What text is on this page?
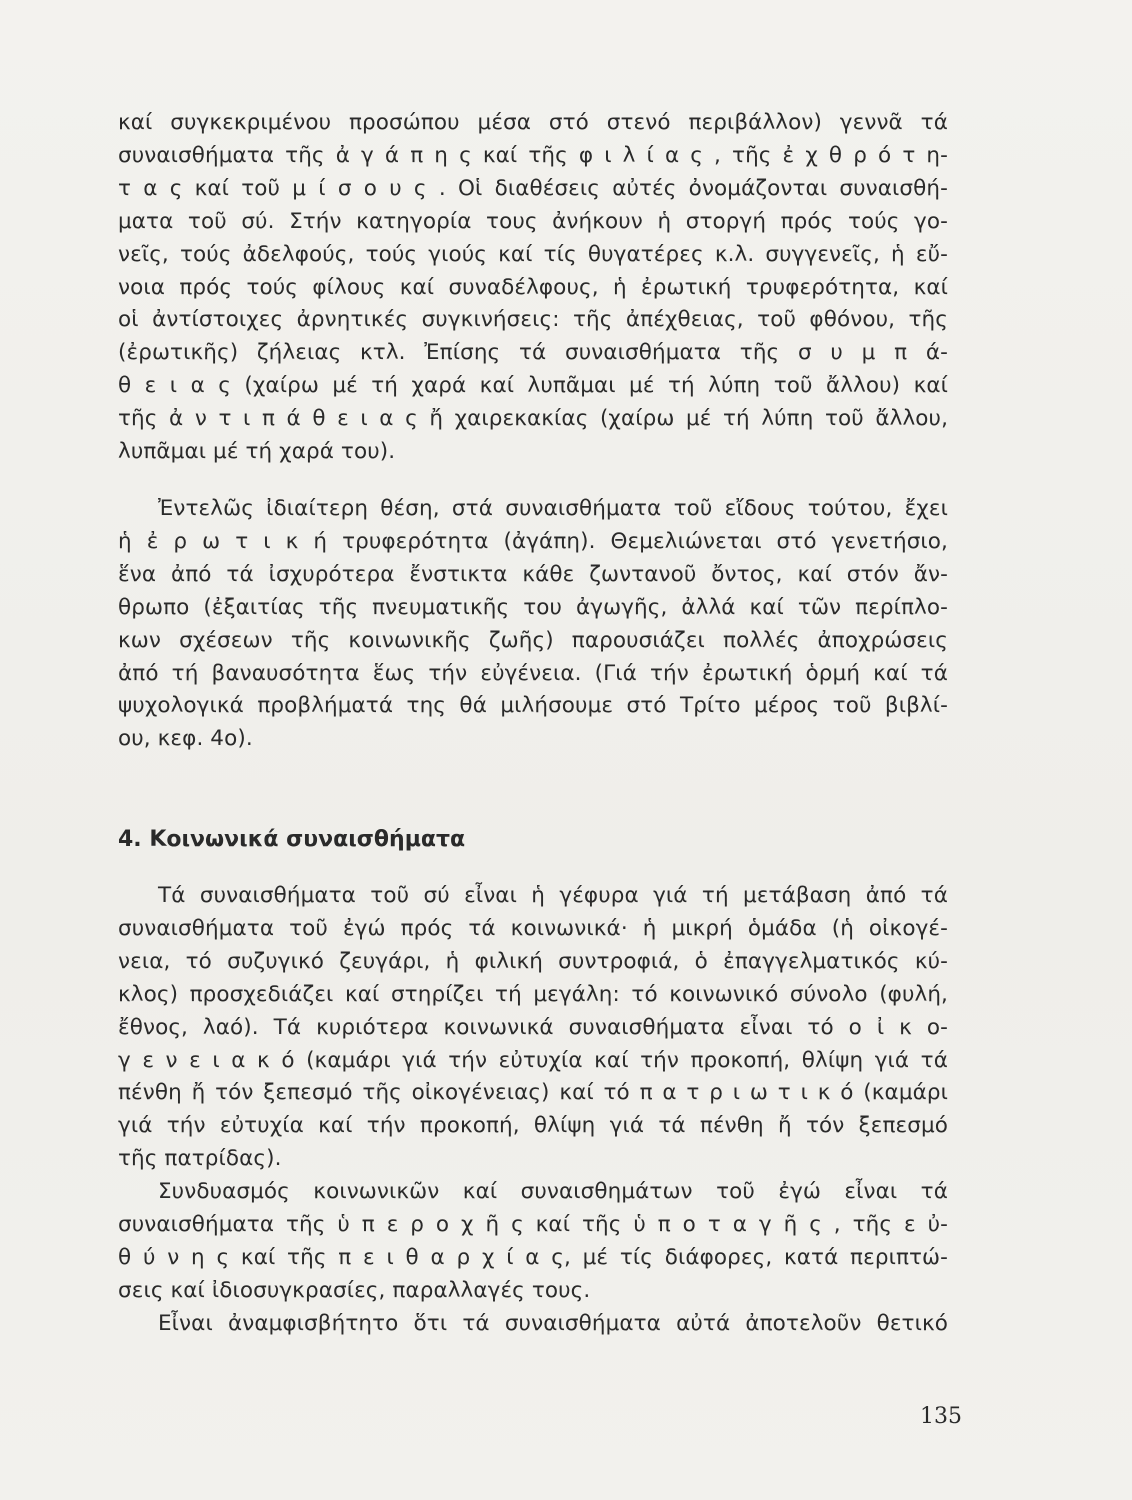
καί συγκεκριμένου προσώπου μέσα στό στενό περιβάλλον) γεννᾶ τά
συναισθήματα τῆς ἀ γ ά π η ς καί τῆς φ ι λ ί α ς , τῆς ἐ χ θ ρ ό τ η-
τ α ς καί τοῦ μ ί σ ο υ ς . Οἱ διαθέσεις αὐτές ὀνομάζονται συναισθή-
ματα τοῦ σύ. Στήν κατηγορία τους ἀνήκουν ἡ στοργή πρός τούς γο-
νεῖς, τούς ἀδελφούς, τούς γιούς καί τίς θυγατέρες κ.λ. συγγενεῖς, ἡ εὔ-
νοια πρός τούς φίλους καί συναδέλφους, ἡ ἐρωτική τρυφερότητα, καί
οἱ ἀντίστοιχες ἀρνητικές συγκινήσεις: τῆς ἀπέχθειας, τοῦ φθόνου, τῆς
(ἐρωτικῆς) ζήλειας κτλ. Ἐπίσης τά συναισθήματα τῆς σ υ μ π ά-
θ ε ι α ς (χαίρω μέ τή χαρά καί λυπᾶμαι μέ τή λύπη τοῦ ἄλλου) καί
τῆς ἀ ν τ ι π ά θ ε ι α ς ἤ χαιρεκακίας (χαίρω μέ τή λύπη τοῦ ἄλλου,
λυπᾶμαι μέ τή χαρά του).
Ἐντελῶς ἰδιαίτερη θέση, στά συναισθήματα τοῦ εἴδους τούτου, ἔχει
ἡ ἐ ρ ω τ ι κ ή τρυφερότητα (ἀγάπη). Θεμελιώνεται στό γενετήσιο,
ἕνα ἀπό τά ἰσχυρότερα ἔνστικτα κάθε ζωντανοῦ ὄντος, καί στόν ἄν-
θρωπο (ἐξαιτίας τῆς πνευματικῆς του ἀγωγῆς, ἀλλά καί τῶν περίπλο-
κων σχέσεων τῆς κοινωνικῆς ζωῆς) παρουσιάζει πολλές ἀποχρώσεις
ἀπό τή βαναυσότητα ἕως τήν εὐγένεια. (Γιά τήν ἐρωτική ὁρμή καί τά
ψυχολογικά προβλήματά της θά μιλήσουμε στό Τρίτο μέρος τοῦ βιβλί-
ου, κεφ. 4ο).
4. Κοινωνικά συναισθήματα
Τά συναισθήματα τοῦ σύ εἶναι ἡ γέφυρα γιά τή μετάβαση ἀπό τά
συναισθήματα τοῦ ἐγώ πρός τά κοινωνικά· ἡ μικρή ὁμάδα (ἡ οἰκογέ-
νεια, τό συζυγικό ζευγάρι, ἡ φιλική συντροφιά, ὁ ἐπαγγελματικός κύ-
κλος) προσχεδιάζει καί στηρίζει τή μεγάλη: τό κοινωνικό σύνολο (φυλή,
ἔθνος, λαό). Τά κυριότερα κοινωνικά συναισθήματα εἶναι τό ο ἰ κ ο-
γ ε ν ε ι α κ ό (καμάρι γιά τήν εὐτυχία καί τήν προκοπή, θλίψη γιά τά
πένθη ἤ τόν ξεπεσμό τῆς οἰκογένειας) καί τό π α τ ρ ι ω τ ι κ ό (καμάρι
γιά τήν εὐτυχία καί τήν προκοπή, θλίψη γιά τά πένθη ἤ τόν ξεπεσμό
τῆς πατρίδας).
Συνδυασμός κοινωνικῶν καί συναισθημάτων τοῦ ἐγώ εἶναι τά
συναισθήματα τῆς ὑ π ε ρ ο χ ῆ ς καί τῆς ὑ π ο τ α γ ῆ ς , τῆς ε ὐ-
θ ύ ν η ς καί τῆς π ε ι θ α ρ χ ί α ς, μέ τίς διάφορες, κατά περιπτώ-
σεις καί ἰδιοσυγκρασίες, παραλλαγές τους.
Εἶναι ἀναμφισβήτητο ὅτι τά συναισθήματα αὐτά ἀποτελοῦν θετικό
135
